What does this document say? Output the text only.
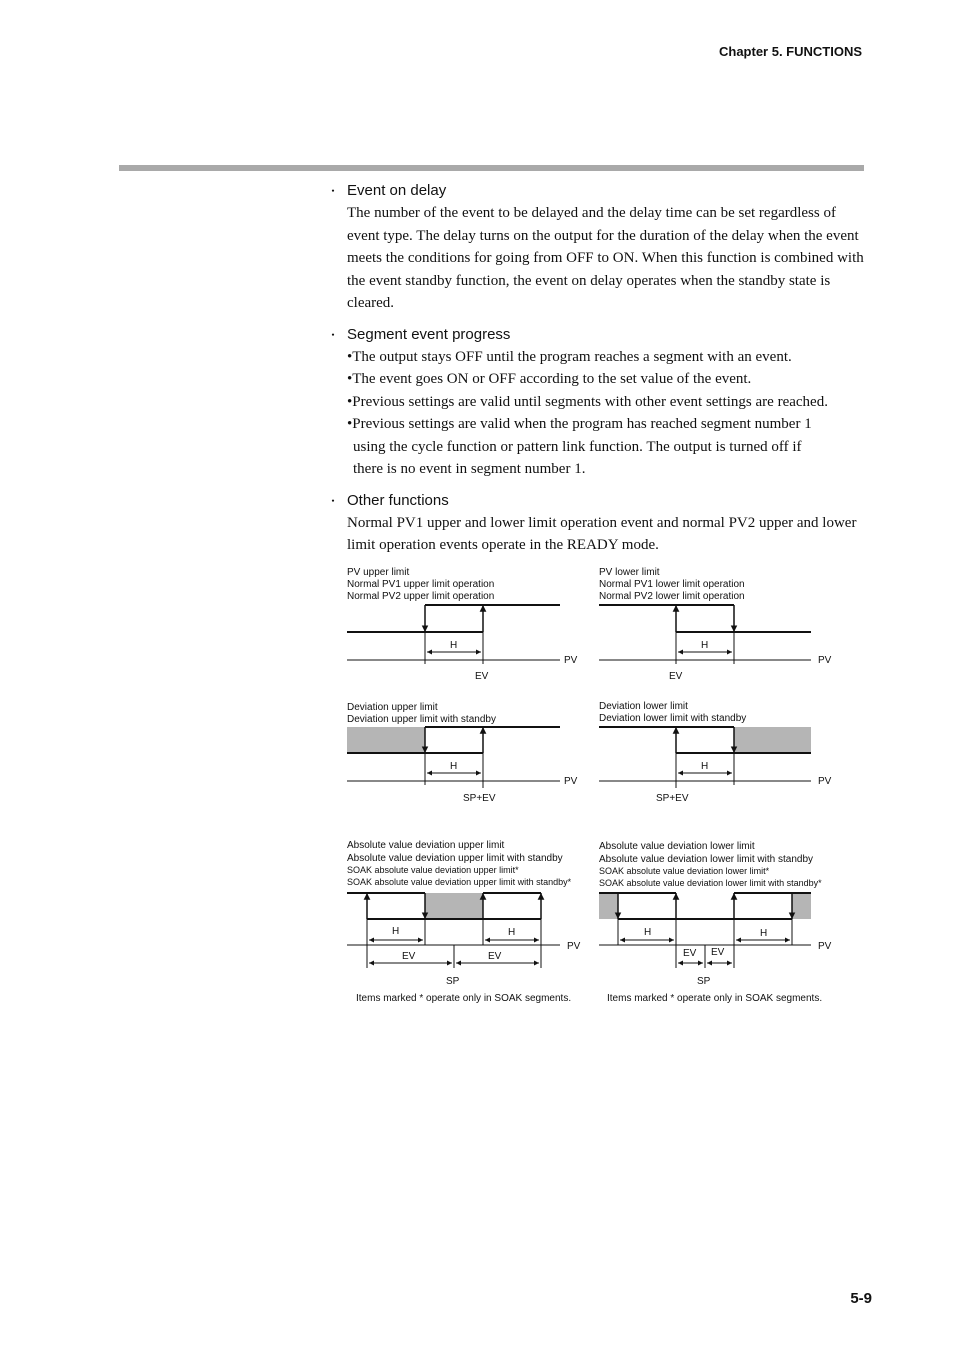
Chapter 5. FUNCTIONS
・ Event on delay
The number of the event to be delayed and the delay time can be set regardless of event type. The delay turns on the output for the duration of the delay when the event meets the conditions for going from OFF to ON. When this function is combined with the event standby function, the event on delay operates when the standby state is cleared.
・ Segment event progress
•The output stays OFF until the program reaches a segment with an event.
•The event goes ON or OFF according to the set value of the event.
•Previous settings are valid until segments with other event settings are reached.
•Previous settings are valid when the program has reached segment number 1
using the cycle function or pattern link function. The output is turned off if
there is no event in segment number 1.
・ Other functions
Normal PV1 upper and lower limit operation event and normal PV2 upper and lower limit operation events operate in the READY mode.
PV upper limit
Normal PV1 upper limit operation
Normal PV2 upper limit operation
H
PV
EV
PV lower limit
Normal PV1 lower limit operation
Normal PV2 lower limit operation
H
PV
EV
Deviation upper limit
Deviation upper limit with standby
H
PV
SP+EV
Deviation lower limit
Deviation lower limit with standby
H
PV
SP+EV
Absolute value deviation upper limit
Absolute value deviation upper limit with standby
SOAK absolute value deviation upper limit*
SOAK absolute value deviation upper limit with standby*
H	H
EV	EV
PV
SP
Items marked * operate only in SOAK segments.
Absolute value deviation lower limit
Absolute value deviation lower limit with standby
SOAK absolute value deviation lower limit*
SOAK absolute value deviation lower limit with standby*
H	H
EV EV
PV
SP
Items marked * operate only in SOAK segments.
5-9
